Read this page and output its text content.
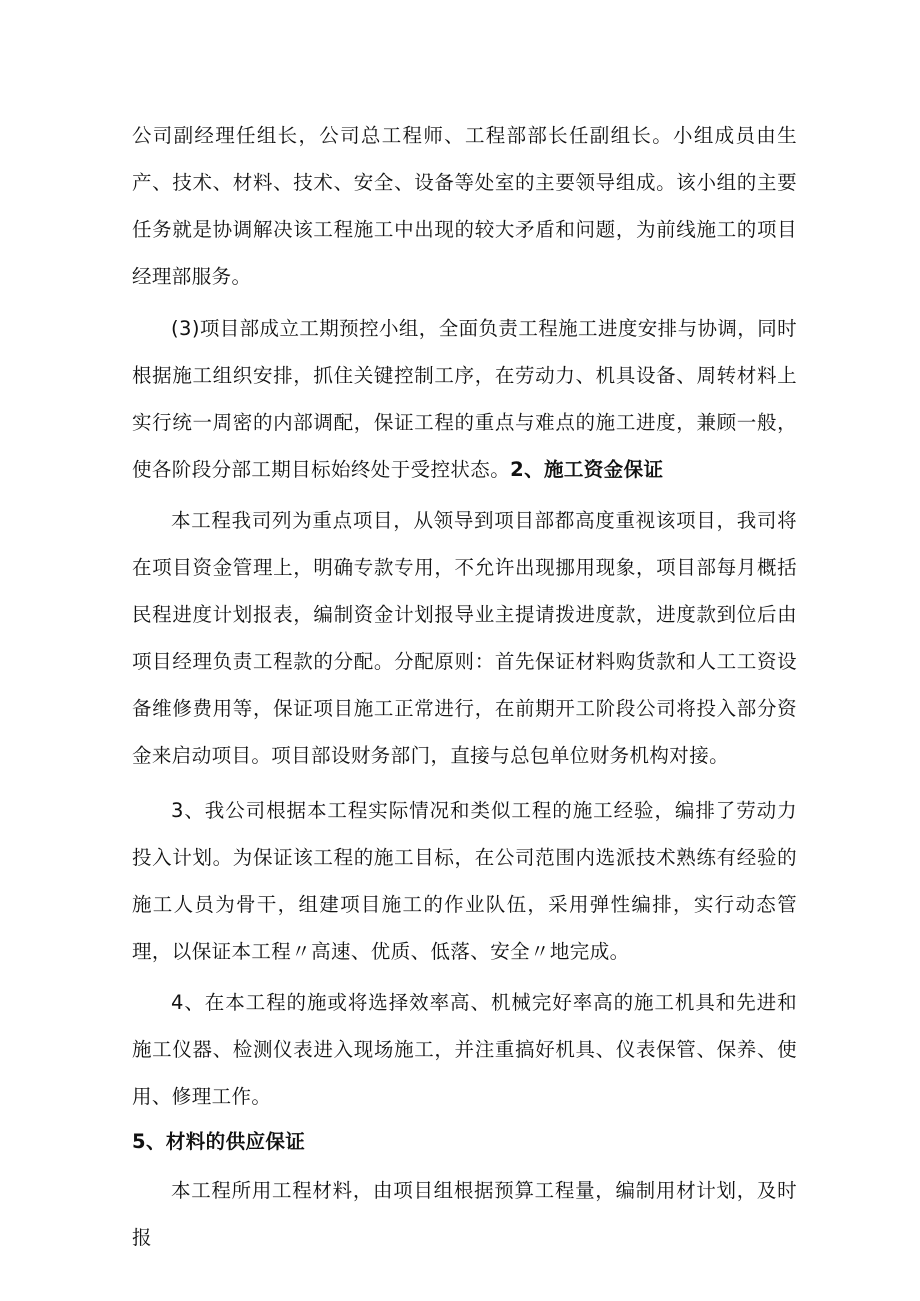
公司副经理任组长，公司总工程师、工程部部长任副组长。小组成员由生产、技术、材料、技术、安全、设备等处室的主要领导组成。该小组的主要任务就是协调解决该工程施工中出现的较大矛盾和问题，为前线施工的项目经理部服务。

(3)项目部成立工期预控小组，全面负责工程施工进度安排与协调，同时根据施工组织安排，抓住关键控制工序，在劳动力、机具设备、周转材料上实行统一周密的内部调配，保证工程的重点与难点的施工进度，兼顾一般，使各阶段分部工期目标始终处于受控状态。2、施工资金保证

本工程我司列为重点项目，从领导到项目部都高度重视该项目，我司将在项目资金管理上，明确专款专用，不允许出现挪用现象，项目部每月概括民程进度计划报表，编制资金计划报导业主提请拨进度款，进度款到位后由项目经理负责工程款的分配。分配原则：首先保证材料购货款和人工工资设备维修费用等，保证项目施工正常进行，在前期开工阶段公司将投入部分资金来启动项目。项目部设财务部门，直接与总包单位财务机构对接。

3、我公司根据本工程实际情况和类似工程的施工经验，编排了劳动力投入计划。为保证该工程的施工目标，在公司范围内选派技术熟练有经验的施工人员为骨干，组建项目施工的作业队伍，采用弹性编排，实行动态管理，以保证本工程〃高速、优质、低落、安全〃地完成。

4、在本工程的施或将选择效率高、机械完好率高的施工机具和先进和施工仪器、检测仪表进入现场施工，并注重搞好机具、仪表保管、保养、使用、修理工作。

5、材料的供应保证

本工程所用工程材料，由项目组根据预算工程量，编制用材计划，及时报
